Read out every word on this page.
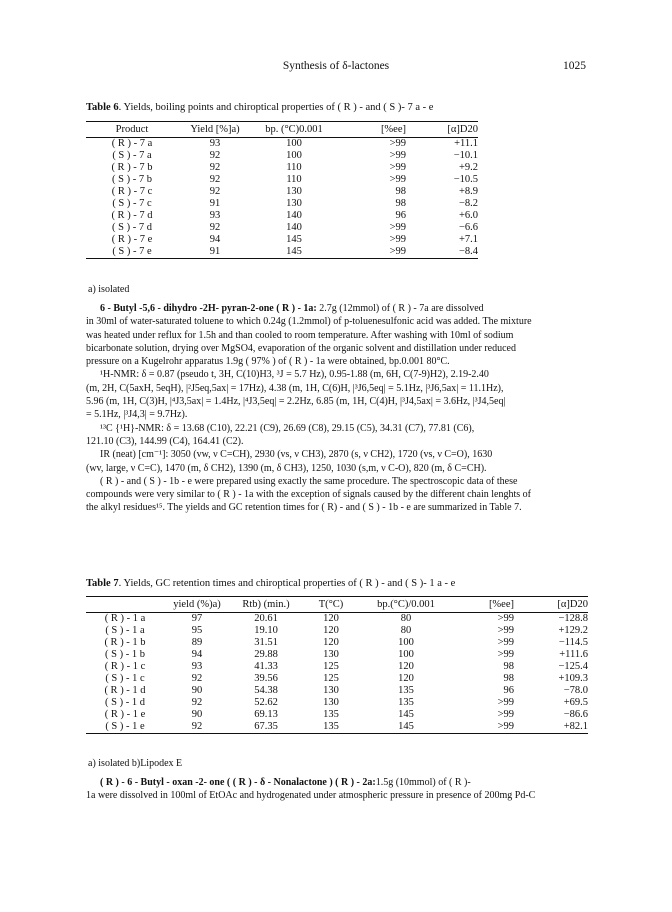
Synthesis of δ-lactones	1025
Table 6. Yields, boiling points and chiroptical properties of ( R ) - and ( S )- 7 a - e
Product	Yield [%]a)	bp. (°C)0.001	[%ee]	[α]D20
( R ) - 7 a	93	100	>99	+11.1
( S ) - 7 a	92	100	>99	−10.1
( R ) - 7 b	92	110	>99	+9.2
( S ) - 7 b	92	110	>99	−10.5
( R ) - 7 c	92	130	98	+8.9
( S ) - 7 c	91	130	98	−8.2
( R ) - 7 d	93	140	96	+6.0
( S ) - 7 d	92	140	>99	−6.6
( R ) - 7 e	94	145	>99	+7.1
( S ) - 7 e	91	145	>99	−8.4
a) isolated
6 - Butyl -5,6 - dihydro -2H- pyran-2-one ( R ) - 1a: 2.7g (12mmol) of ( R ) - 7a are dissolved
in 30ml of water-saturated toluene to which 0.24g (1.2mmol) of p-toluenesulfonic acid was added. The mixture
was heated under reflux for 1.5h and than cooled to room temperature. After washing with 10ml of sodium
bicarbonate solution, drying over MgSO4, evaporation of the organic solvent and distillation under reduced
pressure on a Kugelrohr apparatus 1.9g ( 97% ) of ( R ) - 1a were obtained, bp.0.001 80°C.
¹H-NMR: δ = 0.87 (pseudo t, 3H, C(10)H3, ³J = 5.7 Hz), 0.95-1.88 (m, 6H, C(7-9)H2), 2.19-2.40
(m, 2H, C(5axH, 5eqH), |²J5eq,5ax| = 17Hz), 4.38 (m, 1H, C(6)H, |³J6,5eq| = 5.1Hz, |³J6,5ax| = 11.1Hz),
5.96 (m, 1H, C(3)H, |⁴J3,5ax| = 1.4Hz, |⁴J3,5eq| = 2.2Hz, 6.85 (m, 1H, C(4)H, |³J4,5ax| = 3.6Hz, |³J4,5eq|
= 5.1Hz, |³J4,3| = 9.7Hz).
¹³C {¹H}-NMR: δ = 13.68 (C10), 22.21 (C9), 26.69 (C8), 29.15 (C5), 34.31 (C7), 77.81 (C6),
121.10 (C3), 144.99 (C4), 164.41 (C2).
IR (neat) [cm⁻¹]: 3050 (vw, ν C=CH), 2930 (vs, ν CH3), 2870 (s, ν CH2), 1720 (vs, ν C=O), 1630
(wv, large, ν C=C), 1470 (m, δ CH2), 1390 (m, δ CH3), 1250, 1030 (s,m, ν C-O), 820 (m, δ C=CH).
( R ) - and ( S ) - 1b - e were prepared using exactly the same procedure. The spectroscopic data of these
compounds were very similar to ( R ) - 1a with the exception of signals caused by the different chain lenghts of
the alkyl residues¹⁵. The yields and GC retention times for ( R) - and ( S ) - 1b - e are summarized in Table 7.
Table 7. Yields, GC retention times and chiroptical properties of ( R ) - and ( S )- 1 a - e
	yield (%)a)	Rtb) (min.)	T(°C)	bp.(°C)/0.001	[%ee]	[α]D20
( R ) - 1 a	97	20.61	120	80	>99	−128.8
( S ) - 1 a	95	19.10	120	80	>99	+129.2
( R ) - 1 b	89	31.51	120	100	>99	−114.5
( S ) - 1 b	94	29.88	130	100	>99	+111.6
( R ) - 1 c	93	41.33	125	120	98	−125.4
( S ) - 1 c	92	39.56	125	120	98	+109.3
( R ) - 1 d	90	54.38	130	135	96	−78.0
( S ) - 1 d	92	52.62	130	135	>99	+69.5
( R ) - 1 e	90	69.13	135	145	>99	−86.6
( S ) - 1 e	92	67.35	135	145	>99	+82.1
a) isolated b)Lipodex E
( R ) - 6 - Butyl - oxan -2- one ( ( R ) - δ - Nonalactone ) ( R ) - 2a:1.5g (10mmol) of ( R )-
1a were dissolved in 100ml of EtOAc and hydrogenated under atmospheric pressure in presence of 200mg Pd-C
